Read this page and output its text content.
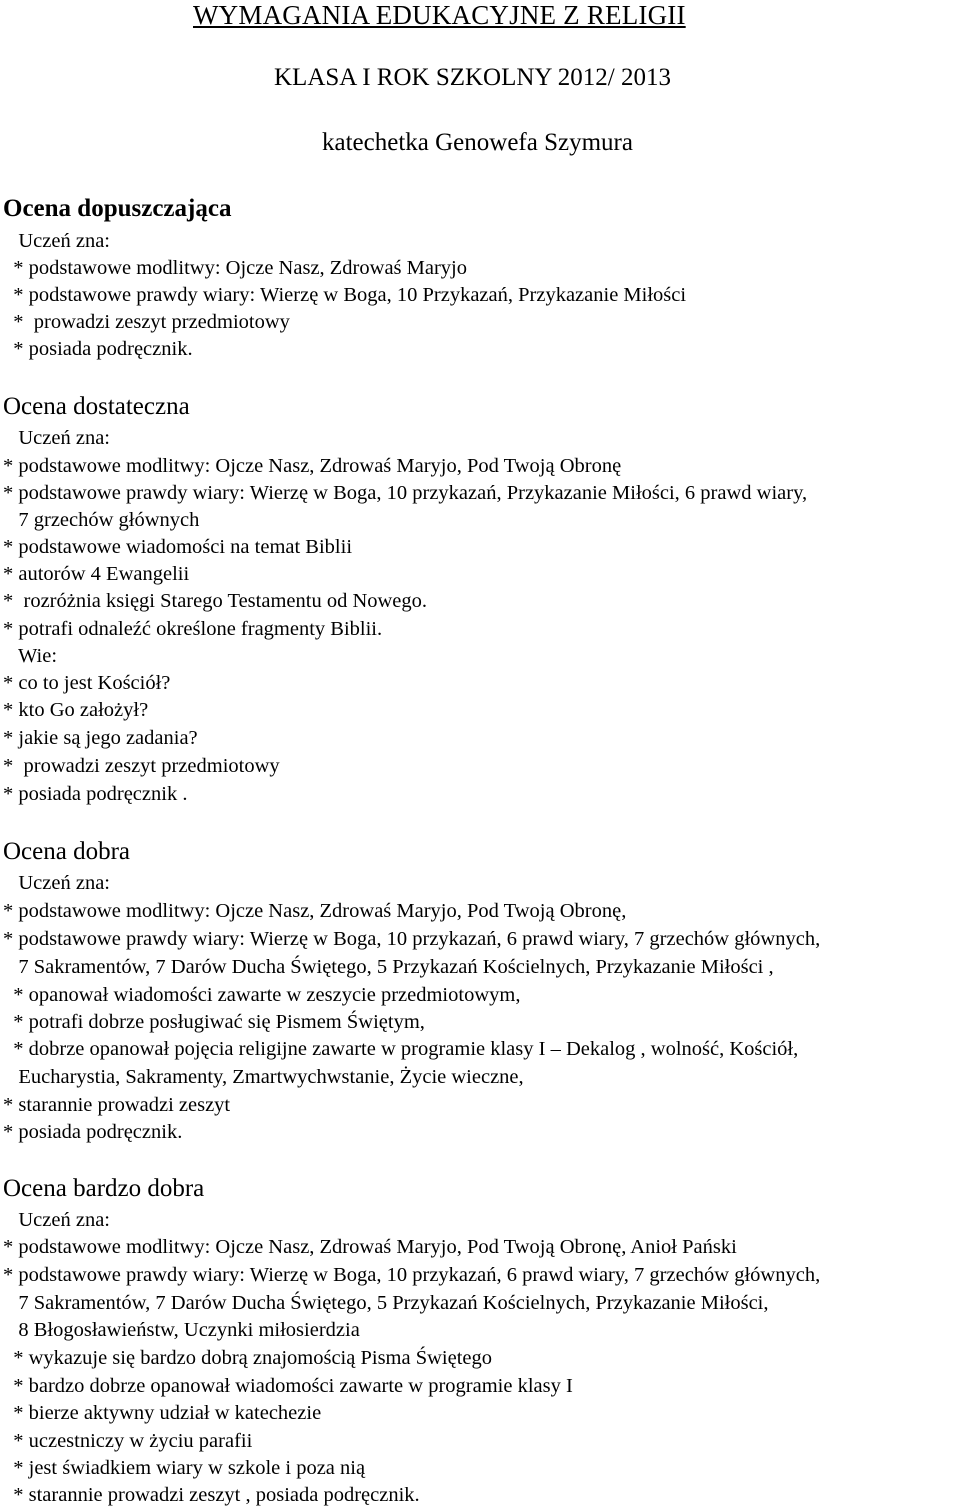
WYMAGANIA EDUKACYJNE Z RELIGII

KLASA I ROK SZKOLNY 2012/ 2013

katechetka Genowefa Szymura

Ocena dopuszczająca

Uczeń zna:

* podstawowe modlitwy: Ojcze Nasz, Zdrowaś Maryjo

* podstawowe prawdy wiary: Wierzę w Boga, 10 Przykazań, Przykazanie Miłości

*  prowadzi zeszyt przedmiotowy

* posiada podręcznik.

Ocena dostateczna

Uczeń zna:

* podstawowe modlitwy: Ojcze Nasz, Zdrowaś Maryjo, Pod Twoją Obronę

* podstawowe prawdy wiary: Wierzę w Boga, 10 przykazań, Przykazanie Miłości, 6 prawd wiary,

7 grzechów głównych

* podstawowe wiadomości na temat Biblii

* autorów 4 Ewangelii

*  rozróżnia księgi Starego Testamentu od Nowego.

* potrafi odnaleźć określone fragmenty Biblii.

Wie:

* co to jest Kościół?

* kto Go założył?

* jakie są jego zadania?

*  prowadzi zeszyt przedmiotowy

* posiada podręcznik .

Ocena dobra

Uczeń zna:

* podstawowe modlitwy: Ojcze Nasz, Zdrowaś Maryjo, Pod Twoją Obronę,

* podstawowe prawdy wiary: Wierzę w Boga, 10 przykazań, 6 prawd wiary, 7 grzechów głównych,

7 Sakramentów, 7 Darów Ducha Świętego, 5 Przykazań Kościelnych, Przykazanie Miłości ,

* opanował wiadomości zawarte w zeszycie przedmiotowym,

* potrafi dobrze posługiwać się Pismem Świętym,

* dobrze opanował pojęcia religijne zawarte w programie klasy I – Dekalog , wolność, Kościół,

Eucharystia, Sakramenty, Zmartwychwstanie, Życie wieczne,

* starannie prowadzi zeszyt

* posiada podręcznik.

Ocena bardzo dobra

Uczeń zna:

* podstawowe modlitwy: Ojcze Nasz, Zdrowaś Maryjo, Pod Twoją Obronę, Anioł Pański

* podstawowe prawdy wiary: Wierzę w Boga, 10 przykazań, 6 prawd wiary, 7 grzechów głównych,

7 Sakramentów, 7 Darów Ducha Świętego, 5 Przykazań Kościelnych, Przykazanie Miłości,

8 Błogosławieństw, Uczynki miłosierdzia

* wykazuje się bardzo dobrą znajomością Pisma Świętego

* bardzo dobrze opanował wiadomości zawarte w programie klasy I

* bierze aktywny udział w katechezie

* uczestniczy w życiu parafii

* jest świadkiem wiary w szkole i poza nią

* starannie prowadzi zeszyt , posiada podręcznik.
